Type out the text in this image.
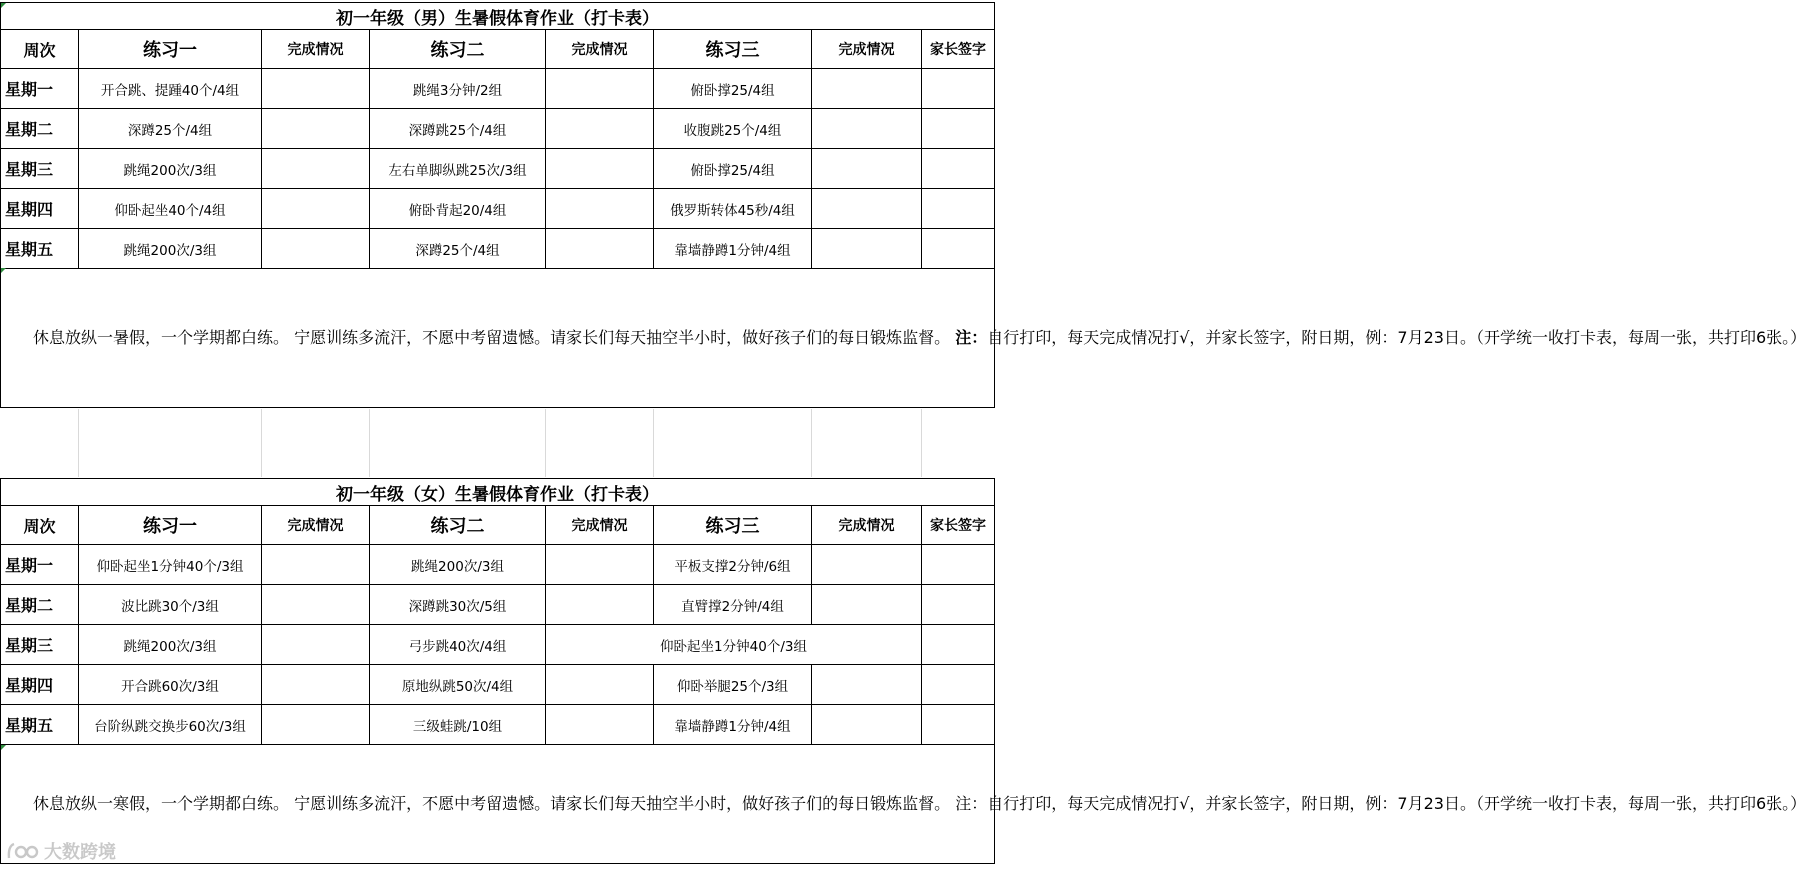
初一年级（男）生暑假体育作业（打卡表）							
周次	练习一	完成情况	练习二	完成情况	练习三	完成情况	家长签字
星期一	开合跳、提踵40个/4组		跳绳3分钟/2组		俯卧撑25/4组		
星期二	深蹲25个/4组		深蹲跳25个/4组		收腹跳25个/4组		
星期三	跳绳200次/3组		左右单脚纵跳25次/3组		俯卧撑25/4组		
星期四	仰卧起坐40个/4组		俯卧背起20/4组		俄罗斯转体45秒/4组		
星期五	跳绳200次/3组		深蹲25个/4组		靠墙静蹲1分钟/4组		
休息放纵一暑假，一个学期都白练。 宁愿训练多流汗，不愿中考留遗憾。请家长们每天抽空半小时，做好孩子们的每日锻炼监督。 注：自行打印，每天完成情况打√，并家长签字，附日期，例：7月23日。（开学统一收打卡表，每周一张，共打印6张。）							
初一年级（女）生暑假体育作业（打卡表）							
周次	练习一	完成情况	练习二	完成情况	练习三	完成情况	家长签字
星期一	仰卧起坐1分钟40个/3组		跳绳200次/3组		平板支撑2分钟/6组		
星期二	波比跳30个/3组		深蹲跳30次/5组		直臂撑2分钟/4组		
星期三	跳绳200次/3组		弓步跳40次/4组	仰卧起坐1分钟40个/3组			
星期四	开合跳60次/3组		原地纵跳50次/4组		仰卧举腿25个/3组		
星期五	台阶纵跳交换步60次/3组		三级蛙跳/10组		靠墙静蹲1分钟/4组		
休息放纵一寒假，一个学期都白练。 宁愿训练多流汗，不愿中考留遗憾。请家长们每天抽空半小时，做好孩子们的每日锻炼监督。 注：自行打印，每天完成情况打√，并家长签字，附日期，例：7月23日。（开学统一收打卡表，每周一张，共打印6张。）							
大数跨境
